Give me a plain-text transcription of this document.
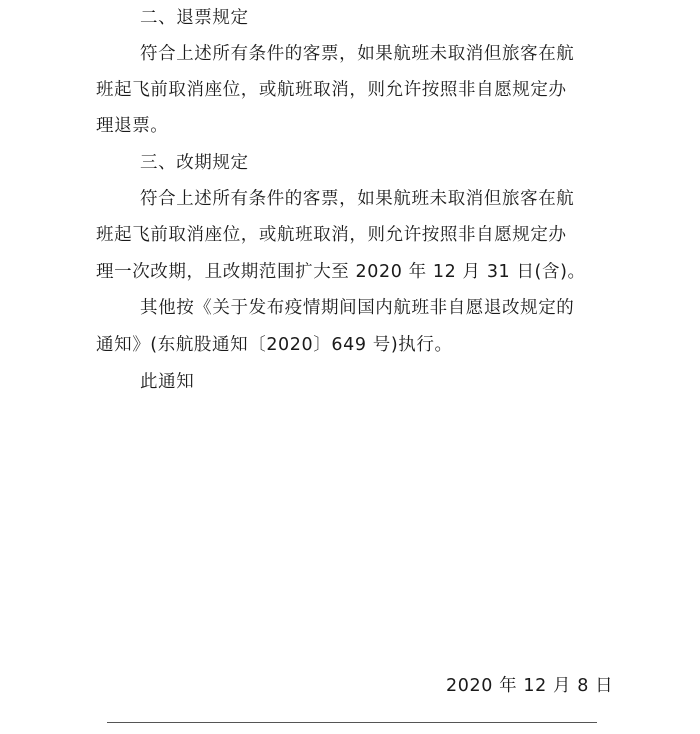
二、退票规定
符合上述所有条件的客票，如果航班未取消但旅客在航
班起飞前取消座位，或航班取消，则允许按照非自愿规定办
理退票。
三、改期规定
符合上述所有条件的客票，如果航班未取消但旅客在航
班起飞前取消座位，或航班取消，则允许按照非自愿规定办
理一次改期，且改期范围扩大至 2020 年 12 月 31 日(含)。
其他按《关于发布疫情期间国内航班非自愿退改规定的
通知》(东航股通知〔2020〕649 号)执行。
此通知
2020 年 12 月 8 日
